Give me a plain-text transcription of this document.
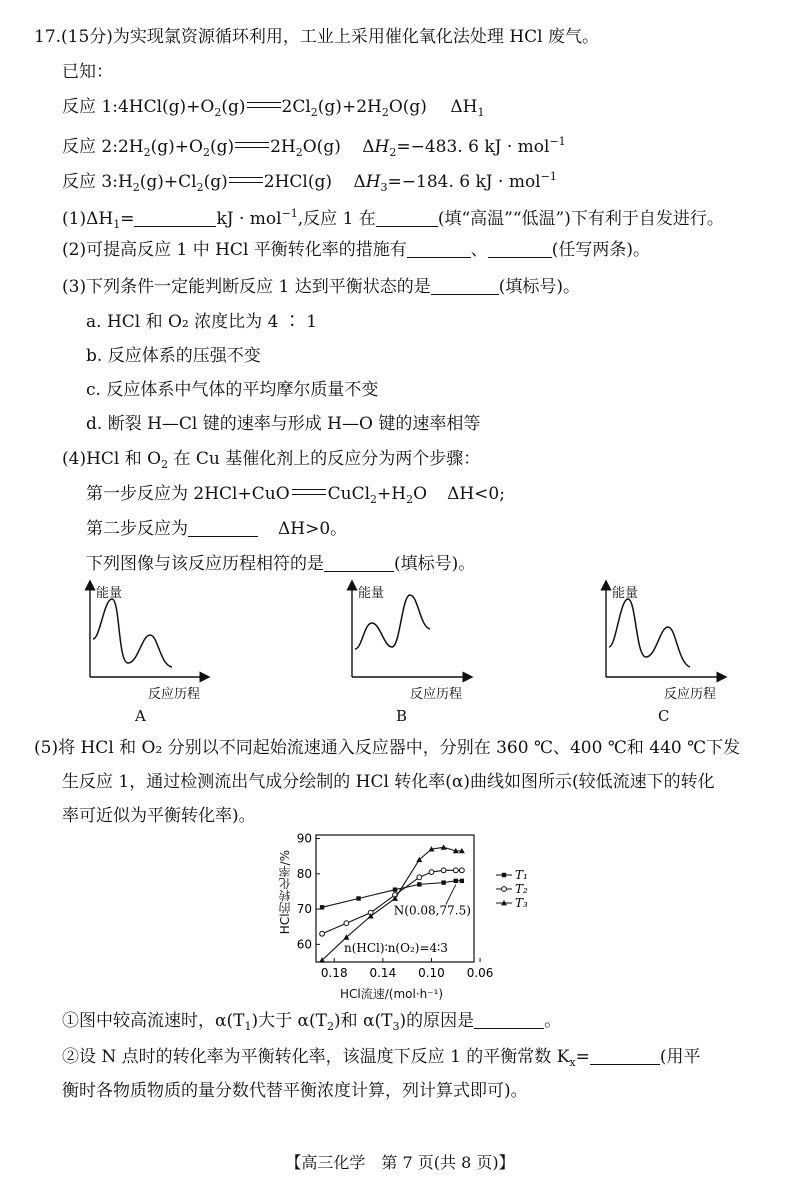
17.(15分)为实现氯资源循环利用，工业上采用催化氧化法处理 HCl 废气。
已知：
反应 $1:4HCl(g)+O_2(g)$ $2Cl_2(g)+2H_2O(g)$ $\Delta H_1$
反应 $2:2H_2(g)+O_2(g)$ $2H_2O(g)$ $\Delta H_2=-483$. 6 kJ · mol$^{-1}$
反应 $3:H_2(g)+Cl_2(g)$ 2HCl(g) $\Delta H_3=-184$. 6 kJ · mol$^{-1}$
$(1)\Delta H_1=$	kJ · mol$^{-1}$,反应 1 在	(填“高温”“低温”)下有利于自发进行。
(2)可提高反应 1 中 HCl 平衡转化率的措施有	、	(任写两条)。
(3)下列条件一定能判断反应 1 达到平衡状态的是	(填标号)。
a. HCl 和 O₂ 浓度比为 4 ∶ 1
b. 反应体系的压强不变
c. 反应体系中气体的平均摩尔质量不变
d. 断裂 H—Cl 键的速率与形成 H—O 键的速率相等
(4)HCl 和 $O_2$ 在 Cu 基催化剂上的反应分为两个步骤：
第一步反应为 2HCl+CuO $CuCl_2+H_2O$ ΔH<0;
第二步反应为	ΔH>0。
下列图像与该反应历程相符的是	(填标号)。
能量	能量	能量
反应历程	反应历程	反应历程
A	B	C
(5)将 HCl 和 O₂ 分别以不同起始流速通入反应器中，分别在 360 ℃、400 ℃和 440 ℃下发
生反应 1，通过检测流出气成分绘制的 HCl 转化率(α)曲线如图所示(较低流速下的转化
率可近似为平衡转化率)。
60
70
80
90
0.18 0.14 0.10 0.06
T₁
T₂
T₃
N(0.08,77.5)
n(HCl)∶n(O₂)=4∶3
HCl的转化率/%
HCl流速/(mol·h⁻¹)
①图中较高流速时，$\alpha(T_1)$大于 $\alpha(T_2)$和 $\alpha(T_3)$的原因是	。
②设 N 点时的转化率为平衡转化率，该温度下反应 1 的平衡常数 $K_x=$	(用平
衡时各物质物质的量分数代替平衡浓度计算，列计算式即可)。
【高三化学　第 7 页(共 8 页)】
